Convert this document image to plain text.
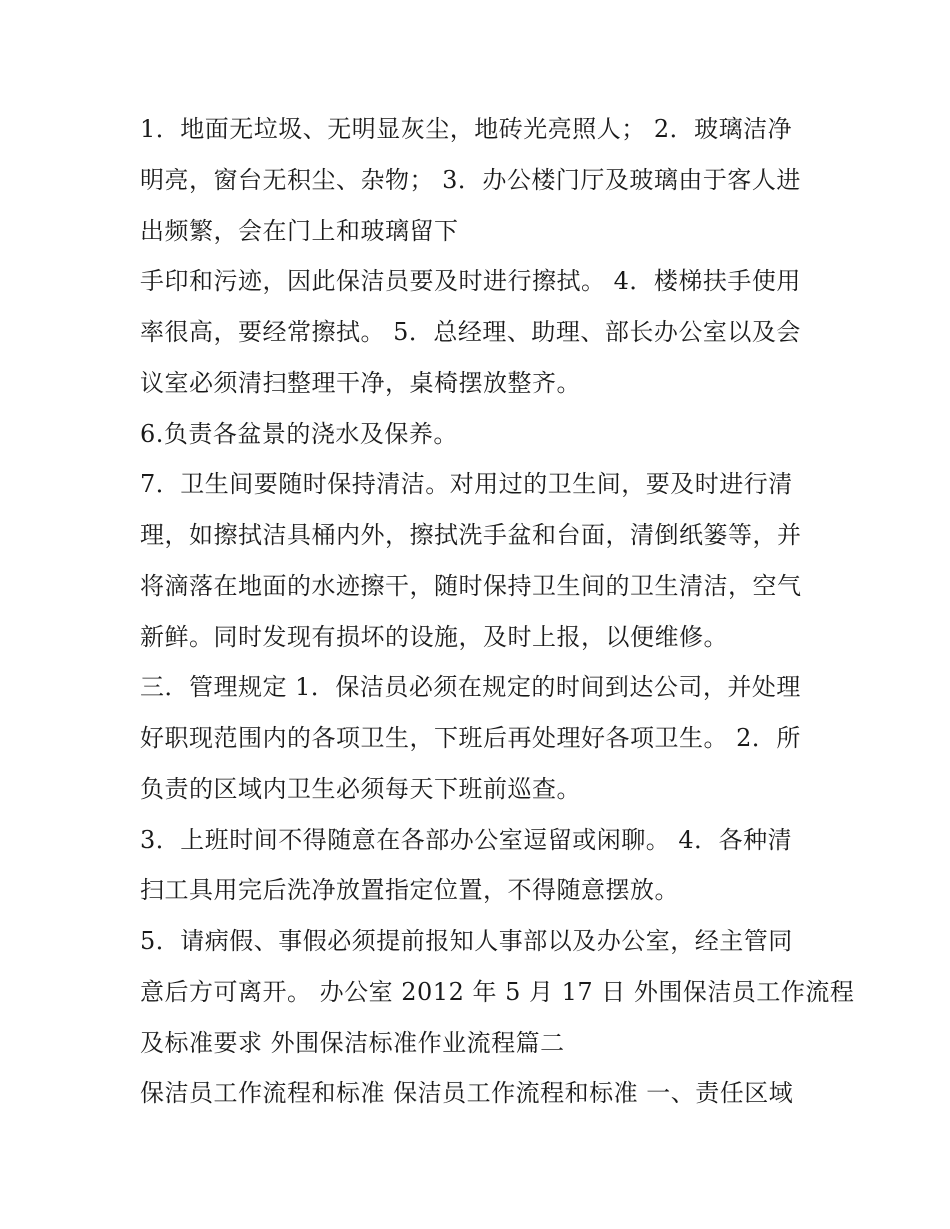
1．地面无垃圾、无明显灰尘，地砖光亮照人； 2．玻璃洁净
明亮，窗台无积尘、杂物； 3．办公楼门厅及玻璃由于客人进
出频繁，会在门上和玻璃留下
手印和污迹，因此保洁员要及时进行擦拭。 4．楼梯扶手使用
率很高，要经常擦拭。 5．总经理、助理、部长办公室以及会
议室必须清扫整理干净，桌椅摆放整齐。
6.负责各盆景的浇水及保养。
7．卫生间要随时保持清洁。对用过的卫生间，要及时进行清
理，如擦拭洁具桶内外，擦拭洗手盆和台面，清倒纸篓等，并
将滴落在地面的水迹擦干，随时保持卫生间的卫生清洁，空气
新鲜。同时发现有损坏的设施，及时上报，以便维修。
三．管理规定 1．保洁员必须在规定的时间到达公司，并处理
好职现范围内的各项卫生，下班后再处理好各项卫生。 2．所
负责的区域内卫生必须每天下班前巡查。
3．上班时间不得随意在各部办公室逗留或闲聊。 4．各种清
扫工具用完后洗净放置指定位置，不得随意摆放。
5．请病假、事假必须提前报知人事部以及办公室，经主管同
意后方可离开。 办公室 2012 年 5 月 17 日 外围保洁员工作流程
及标准要求 外围保洁标准作业流程篇二
保洁员工作流程和标准 保洁员工作流程和标准 一、责任区域
